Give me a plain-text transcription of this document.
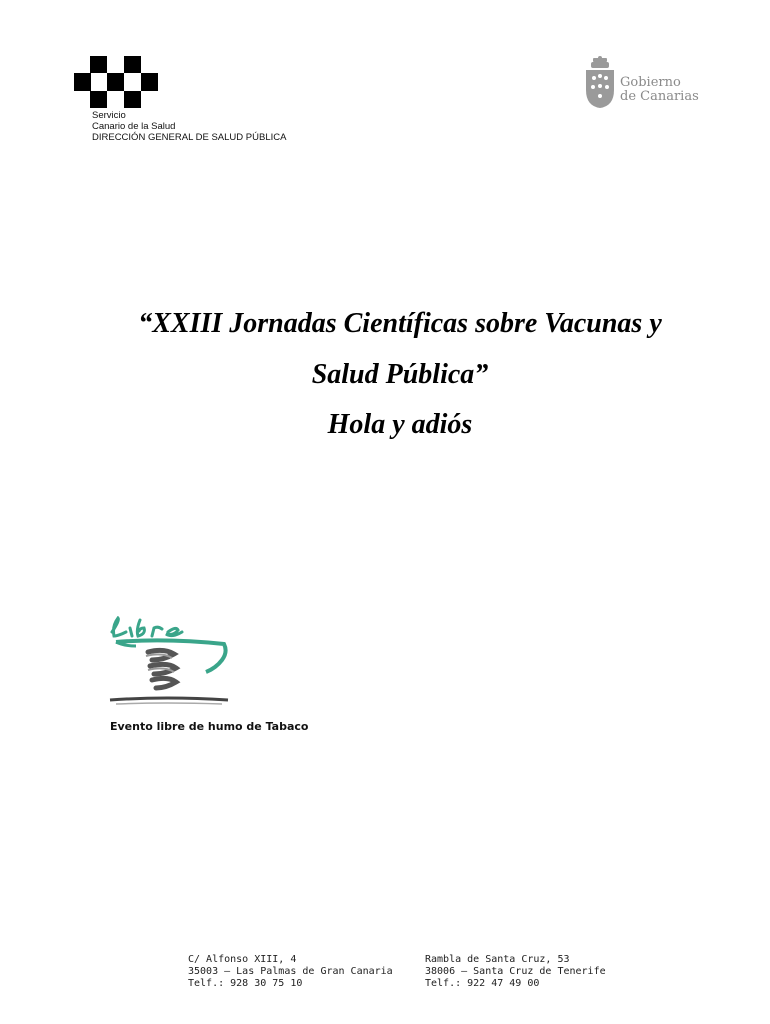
Servicio
Canario de la Salud
DIRECCIÓN GENERAL DE SALUD PÚBLICA
Gobierno
de Canarias
“XXIII Jornadas Científicas sobre Vacunas y
Salud Pública”
Hola y adiós
Evento libre de humo de Tabaco
C/ Alfonso XIII, 4
35003 – Las Palmas de Gran Canaria
Telf.: 928 30 75 10
Rambla de Santa Cruz, 53
38006 – Santa Cruz de Tenerife
Telf.: 922 47 49 00
